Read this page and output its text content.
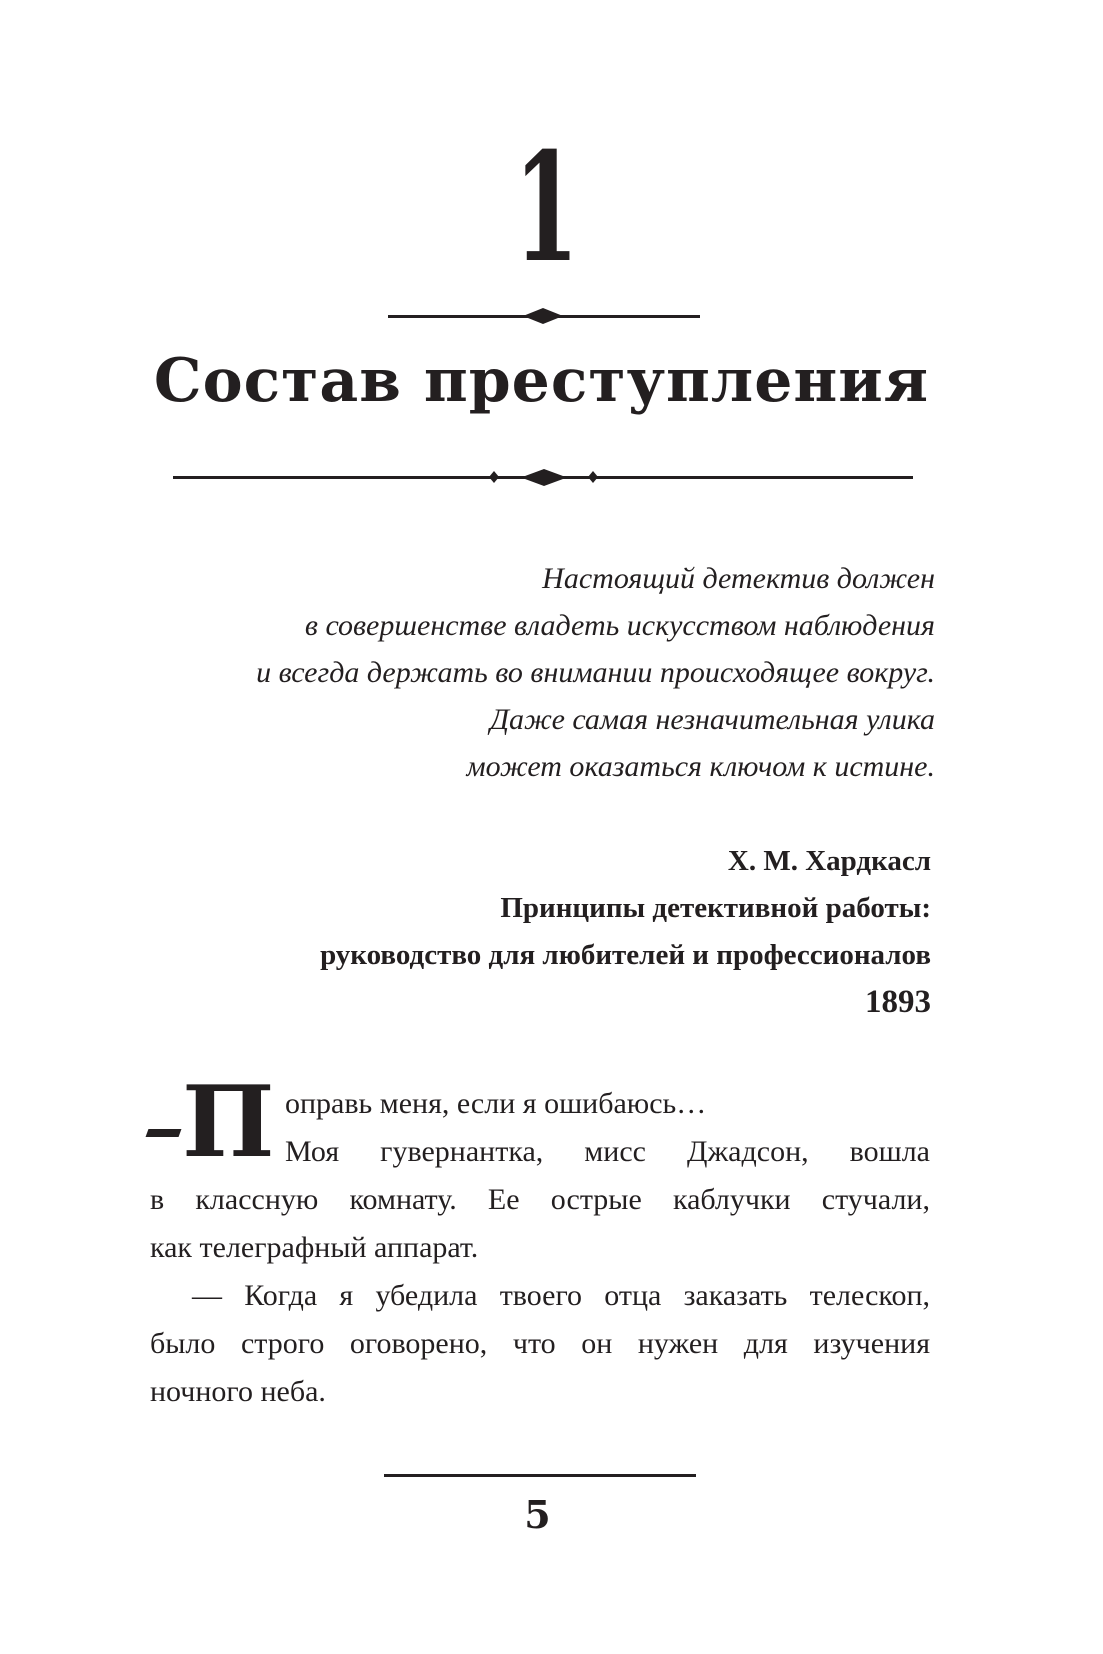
1
Состав преступления
Настоящий детектив должен
в совершенстве владеть искусством наблюдения
и всегда держать во внимании происходящее вокруг.
Даже самая незначительная улика
может оказаться ключом к истине.
Х. М. Хардкасл
Принципы детективной работы:
руководство для любителей и профессионалов
1893
П оправь меня, если я ошибаюсь…
Моя гувернантка, мисс Джадсон, вошла
в классную комнату. Ее острые каблучки стучали,
как телеграфный аппарат.
— Когда я убедила твоего отца заказать телескоп,
было строго оговорено, что он нужен для изучения
ночного неба.
5
